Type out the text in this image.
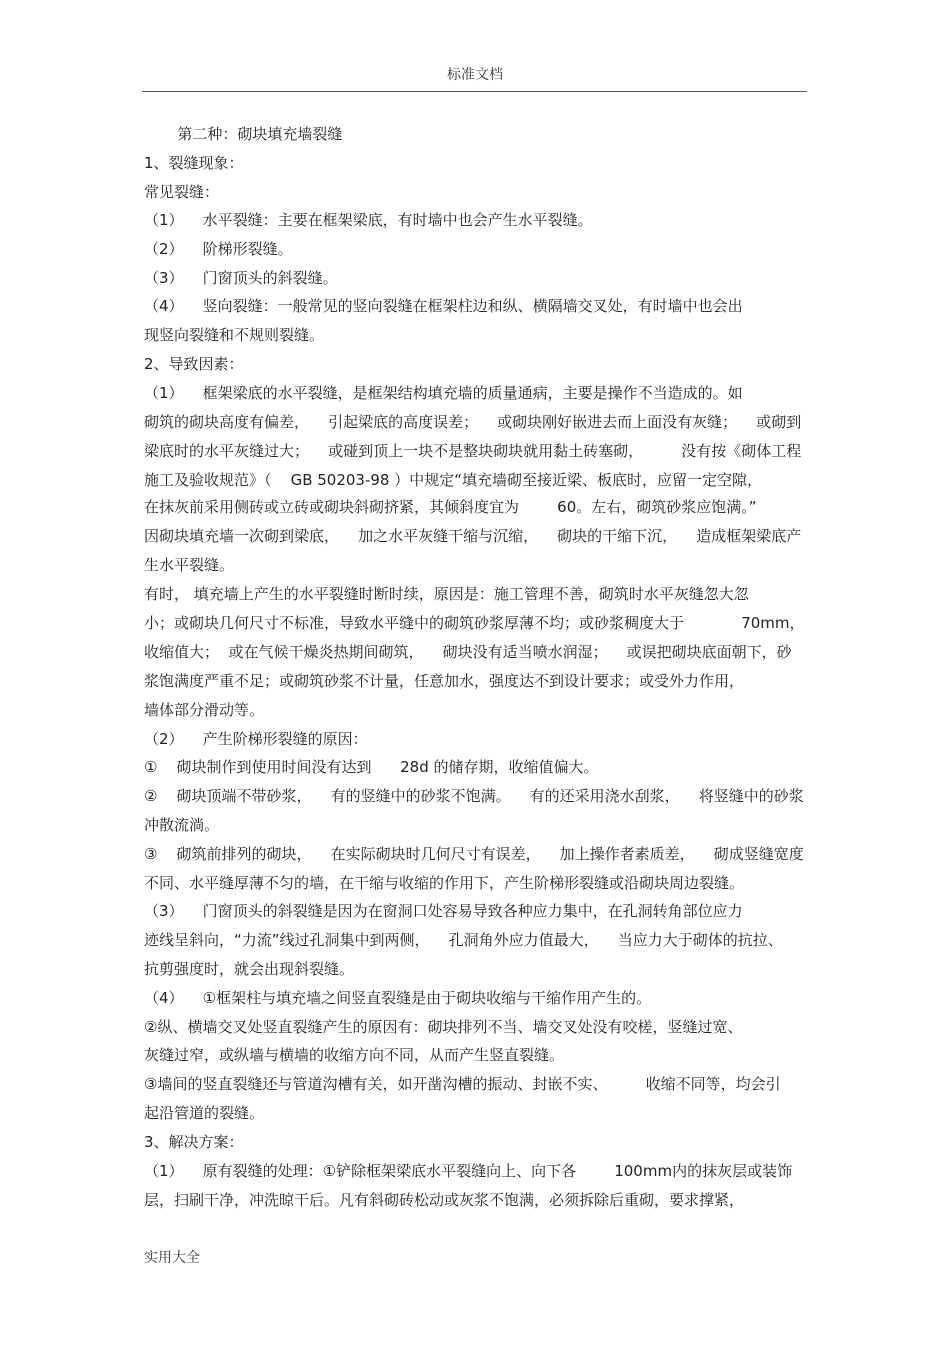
标准文档
第二种：砌块填充墙裂缝
1、裂缝现象：
常见裂缝：
（1）    水平裂缝：主要在框架梁底，有时墙中也会产生水平裂缝。
（2）    阶梯形裂缝。
（3）    门窗顶头的斜裂缝。
（4）    竖向裂缝：一般常见的竖向裂缝在框架柱边和纵、横隔墙交叉处，有时墙中也会出
现竖向裂缝和不规则裂缝。
2、导致因素：
（1）    框架梁底的水平裂缝，是框架结构填充墙的质量通病，主要是操作不当造成的。如
砌筑的砌块高度有偏差，    引起梁底的高度误差；    或砌块刚好嵌进去而上面没有灰缝；    或砌到
梁底时的水平灰缝过大；    或碰到顶上一块不是整块砌块就用黏土砖塞砌，        没有按《砌体工程
施工及验收规范》（    GB 50203-98 ）中规定“填充墙砌至接近梁、板底时，应留一定空隙，
在抹灰前采用侧砖或立砖或砌块斜砌挤紧，其倾斜度宜为        60。左右，砌筑砂浆应饱满。”
因砌块填充墙一次砌到梁底，    加之水平灰缝干缩与沉缩，    砌块的干缩下沉，    造成框架梁底产
生水平裂缝。
有时， 填充墙上产生的水平裂缝时断时续，原因是：施工管理不善，砌筑时水平灰缝忽大忽
小；或砌块几何尺寸不标准，导致水平缝中的砌筑砂浆厚薄不均；或砂浆稠度大于            70mm，
收缩值大；  或在气候干燥炎热期间砌筑，    砌块没有适当喷水润湿；    或误把砌块底面朝下，砂
浆饱满度严重不足；或砌筑砂浆不计量，任意加水，强度达不到设计要求；或受外力作用，
墙体部分滑动等。
（2）    产生阶梯形裂缝的原因：
①    砌块制作到使用时间没有达到      28d 的储存期，收缩值偏大。
②    砌块顶端不带砂浆，    有的竖缝中的砂浆不饱满。    有的还采用浇水刮浆，    将竖缝中的砂浆
冲散流淌。
③    砌筑前排列的砌块，    在实际砌块时几何尺寸有误差，    加上操作者素质差，    砌成竖缝宽度
不同、水平缝厚薄不匀的墙，在干缩与收缩的作用下，产生阶梯形裂缝或沿砌块周边裂缝。
（3）    门窗顶头的斜裂缝是因为在窗洞口处容易导致各种应力集中，在孔洞转角部位应力
迹线呈斜向，“力流”线过孔洞集中到两侧，    孔洞角外应力值最大，    当应力大于砌体的抗拉、
抗剪强度时，就会出现斜裂缝。
（4）    ①框架柱与填充墙之间竖直裂缝是由于砌块收缩与干缩作用产生的。
②纵、横墙交叉处竖直裂缝产生的原因有：砌块排列不当、墙交叉处没有咬槎，竖缝过宽、
灰缝过窄，或纵墙与横墙的收缩方向不同，从而产生竖直裂缝。
③墙间的竖直裂缝还与管道沟槽有关，如开凿沟槽的振动、封嵌不实、        收缩不同等，均会引
起沿管道的裂缝。
3、解决方案：
（1）    原有裂缝的处理：①铲除框架梁底水平裂缝向上、向下各        100mm内的抹灰层或装饰
层，扫刷干净，冲洗晾干后。凡有斜砌砖松动或灰浆不饱满，必须拆除后重砌，要求撑紧，
实用大全
